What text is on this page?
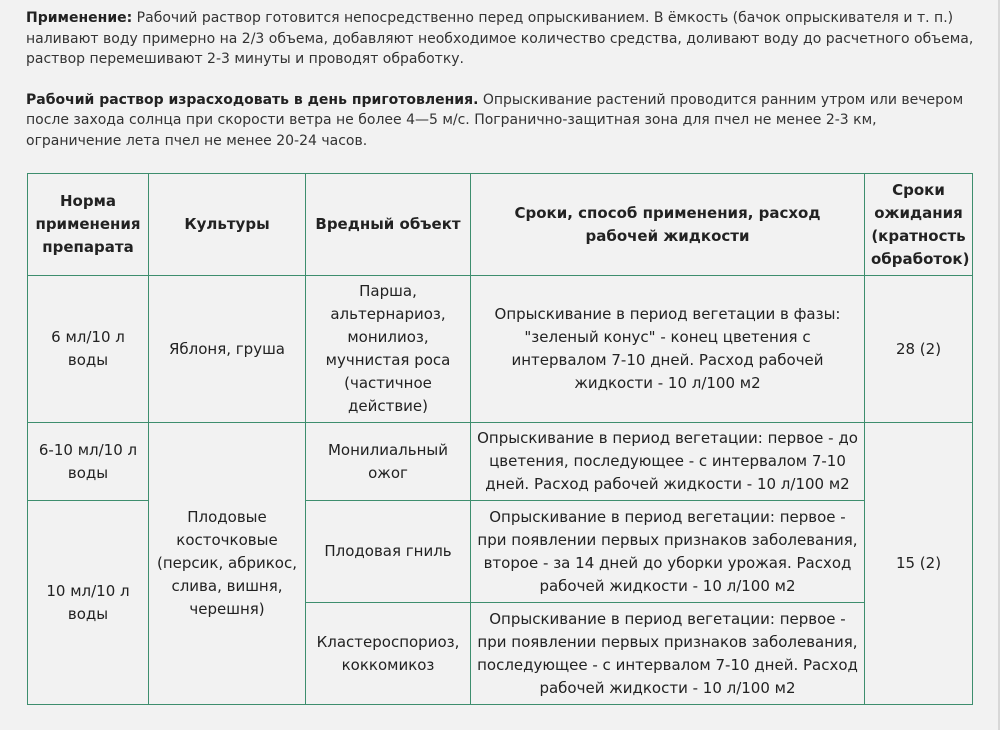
Применение: Рабочий раствор готовится непосредственно перед опрыскиванием. В ёмкость (бачок опрыскивателя и т. п.) наливают воду примерно на 2/3 объема, добавляют необходимое количество средства, доливают воду до расчетного объема, раствор перемешивают 2-3 минуты и проводят обработку.

Рабочий раствор израсходовать в день приготовления. Опрыскивание растений проводится ранним утром или вечером после захода солнца при скорости ветра не более 4—5 м/с. Погранично-защитная зона для пчел не менее 2-3 км, ограничение лета пчел не менее 20-24 часов.

Норма применения препарата	Культуры	Вредный объект	Сроки, способ применения, расход рабочей жидкости	Сроки ожидания (кратность обработок)
6 мл/10 л воды	Яблоня, груша	Парша, альтернариоз, монилиоз, мучнистая роса (частичное действие)	Опрыскивание в период вегетации в фазы: "зеленый конус" - конец цветения с интервалом 7-10 дней. Расход рабочей жидкости - 10 л/100 м2	28 (2)
6-10 мл/10 л воды	Плодовые косточковые (персик, абрикос, слива, вишня, черешня)	Монилиальный ожог	Опрыскивание в период вегетации: первое - до цветения, последующее - с интервалом 7-10 дней. Расход рабочей жидкости - 10 л/100 м2	15 (2)
10 мл/10 л воды		Плодовая гниль	Опрыскивание в период вегетации: первое - при появлении первых признаков заболевания, второе - за 14 дней до уборки урожая. Расход рабочей жидкости - 10 л/100 м2	
		Кластероспориоз, коккомикоз	Опрыскивание в период вегетации: первое - при появлении первых признаков заболевания, последующее - с интервалом 7-10 дней. Расход рабочей жидкости - 10 л/100 м2	
